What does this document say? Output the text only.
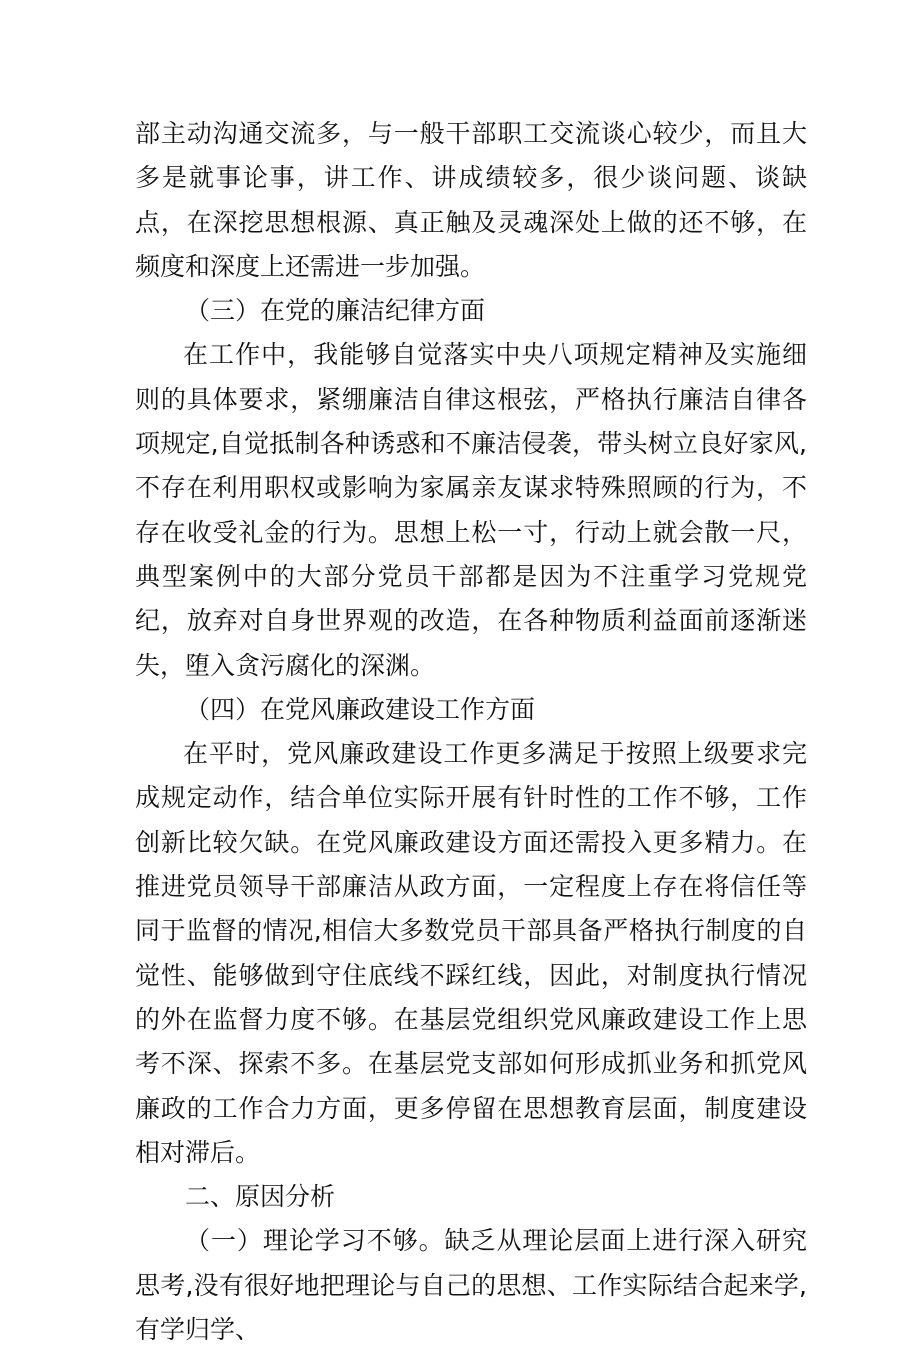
部主动沟通交流多，与一般干部职工交流谈心较少，而且大多是就事论事，讲工作、讲成绩较多，很少谈问题、谈缺点，在深挖思想根源、真正触及灵魂深处上做的还不够，在频度和深度上还需进一步加强。

（三）在党的廉洁纪律方面

在工作中，我能够自觉落实中央八项规定精神及实施细则的具体要求，紧绷廉洁自律这根弦，严格执行廉洁自律各项规定,自觉抵制各种诱惑和不廉洁侵袭，带头树立良好家风,不存在利用职权或影响为家属亲友谋求特殊照顾的行为，不存在收受礼金的行为。思想上松一寸，行动上就会散一尺，典型案例中的大部分党员干部都是因为不注重学习党规党纪，放弃对自身世界观的改造，在各种物质利益面前逐渐迷失，堕入贪污腐化的深渊。

（四）在党风廉政建设工作方面

在平时，党风廉政建设工作更多满足于按照上级要求完成规定动作，结合单位实际开展有针时性的工作不够，工作创新比较欠缺。在党风廉政建设方面还需投入更多精力。在推进党员领导干部廉洁从政方面，一定程度上存在将信任等同于监督的情况,相信大多数党员干部具备严格执行制度的自觉性、能够做到守住底线不踩红线，因此，对制度执行情况的外在监督力度不够。在基层党组织党风廉政建设工作上思考不深、探索不多。在基层党支部如何形成抓业务和抓党风廉政的工作合力方面，更多停留在思想教育层面，制度建设相对滞后。

二、原因分析

（一）理论学习不够。缺乏从理论层面上进行深入研究思考,没有很好地把理论与自己的思想、工作实际结合起来学,有学归学、
